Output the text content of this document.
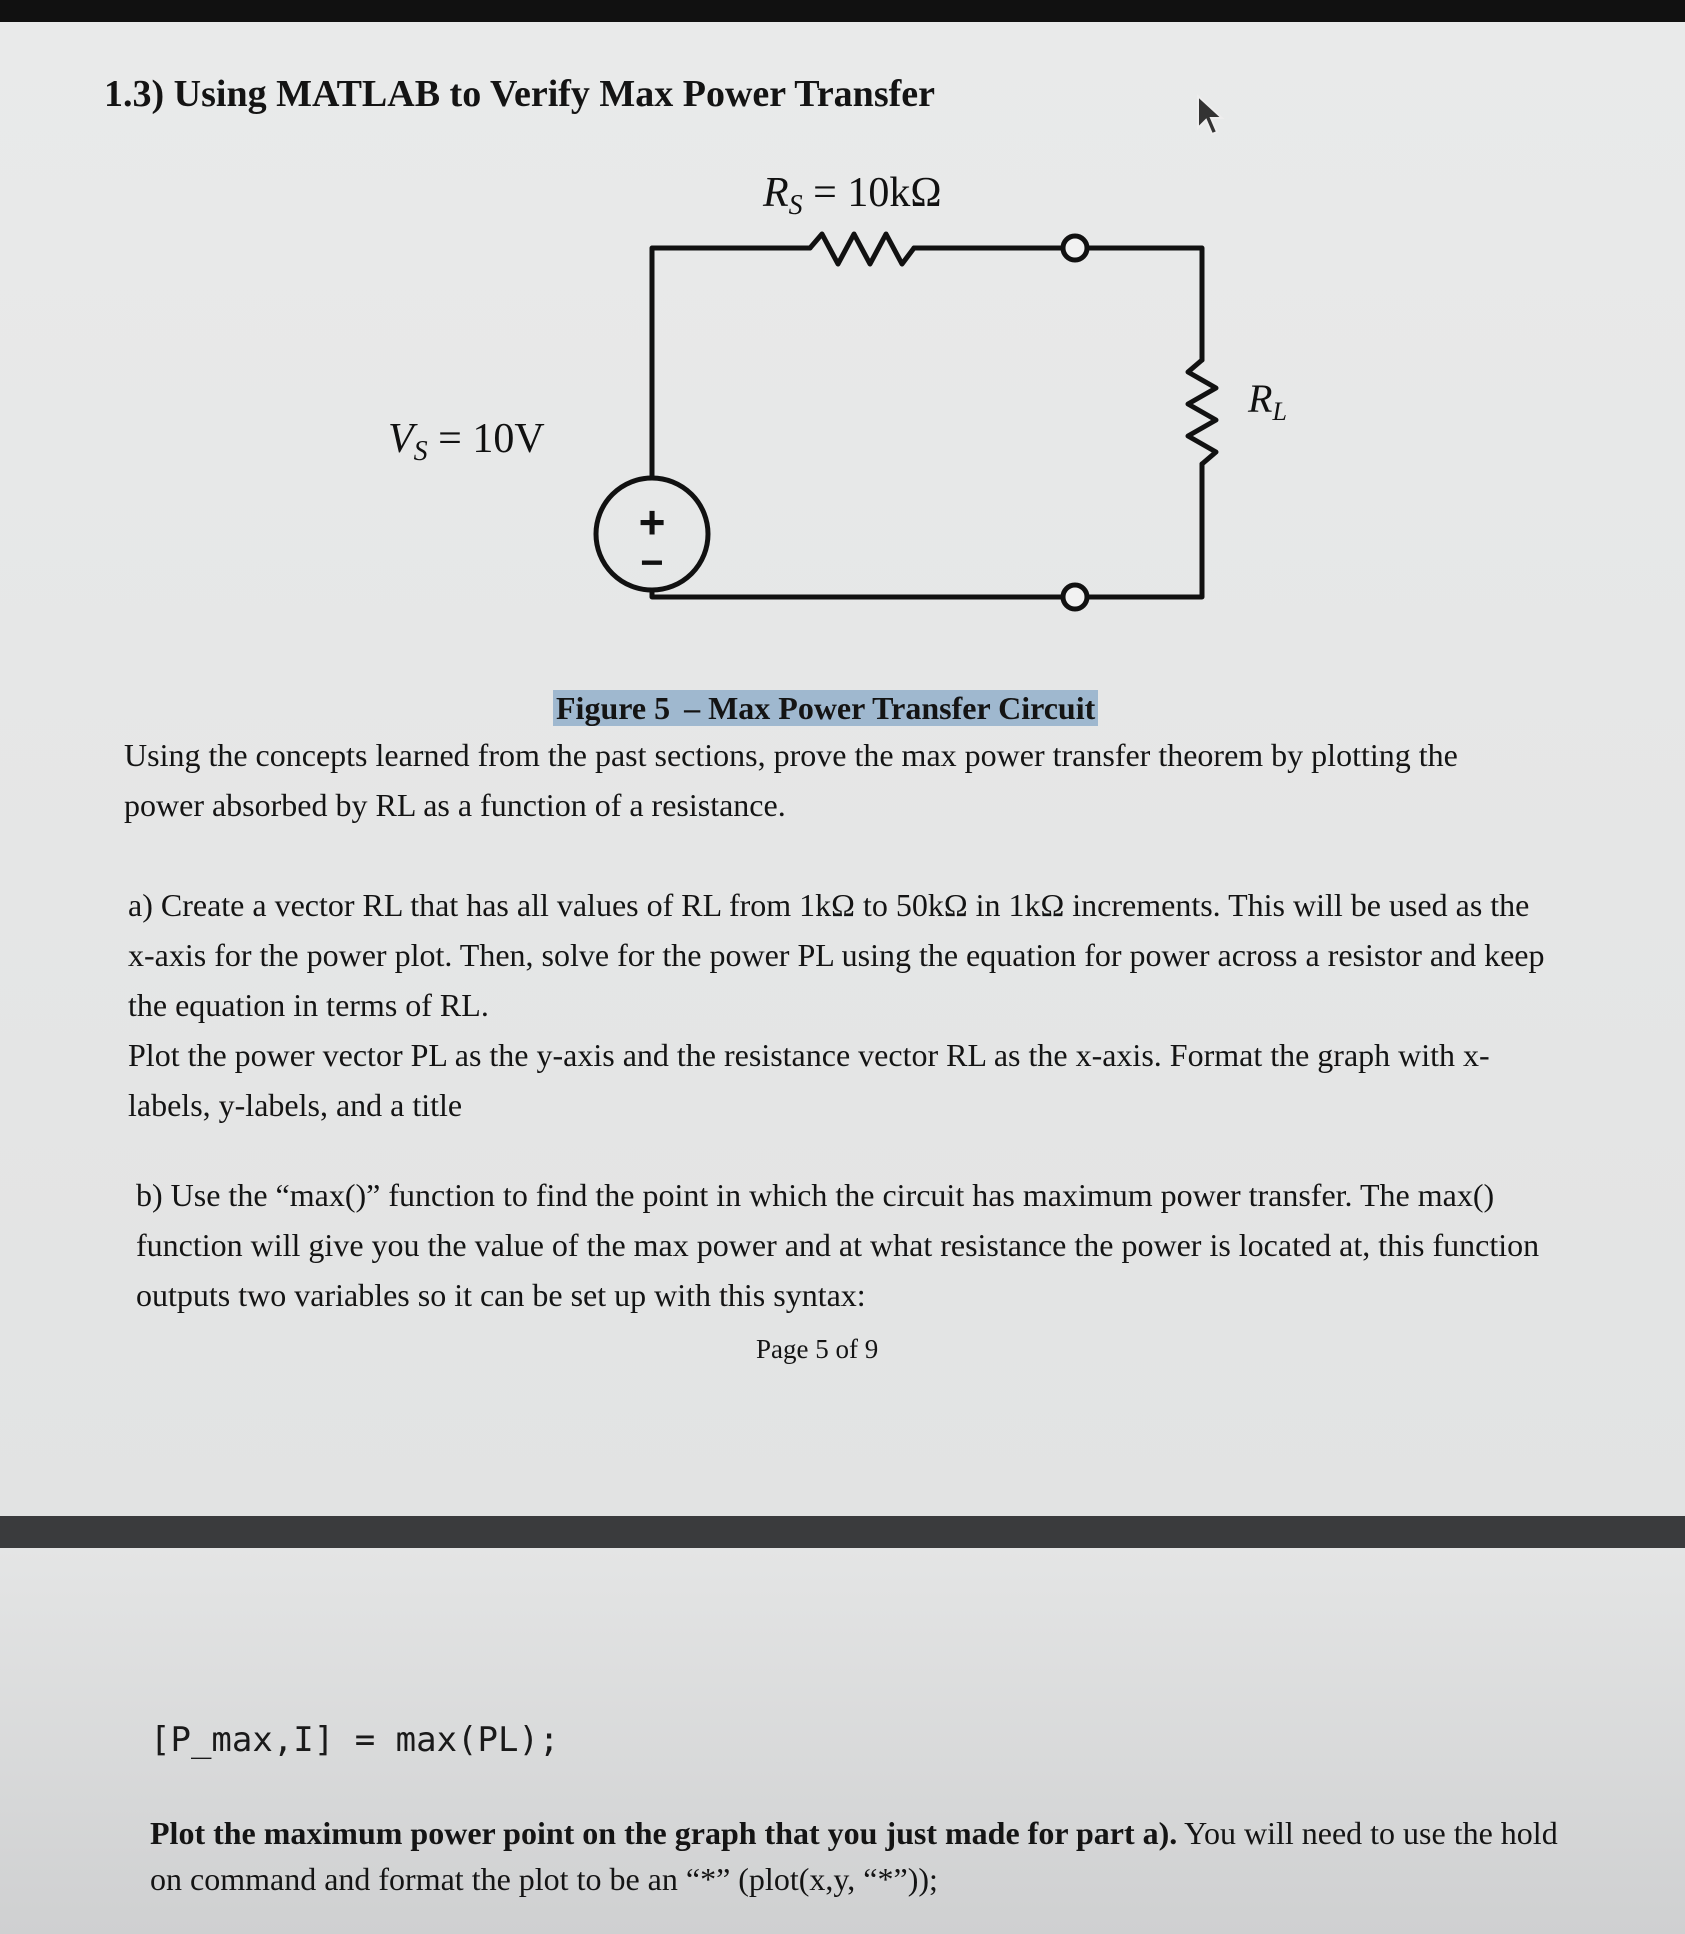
1.3) Using MATLAB to Verify Max Power Transfer
+
−
RS = 10kΩ
VS = 10V
$R_L$
Figure 5 – Max Power Transfer Circuit
Using the concepts learned from the past sections, prove the max power transfer theorem by plotting the power absorbed by RL as a function of a resistance.
a) Create a vector RL that has all values of RL from 1kΩ to 50kΩ in 1kΩ increments. This will be used as the x-axis for the power plot. Then, solve for the power PL using the equation for power across a resistor and keep the equation in terms of RL.
Plot the power vector PL as the y-axis and the resistance vector RL as the x-axis. Format the graph with x-labels, y-labels, and a title
b) Use the “max()” function to find the point in which the circuit has maximum power transfer. The max() function will give you the value of the max power and at what resistance the power is located at, this function outputs two variables so it can be set up with this syntax:
Page 5 of 9
[P_max,I] = max(PL);
Plot the maximum power point on the graph that you just made for part a). You will need to use the hold on command and format the plot to be an “*” (plot(x,y, “*”));
